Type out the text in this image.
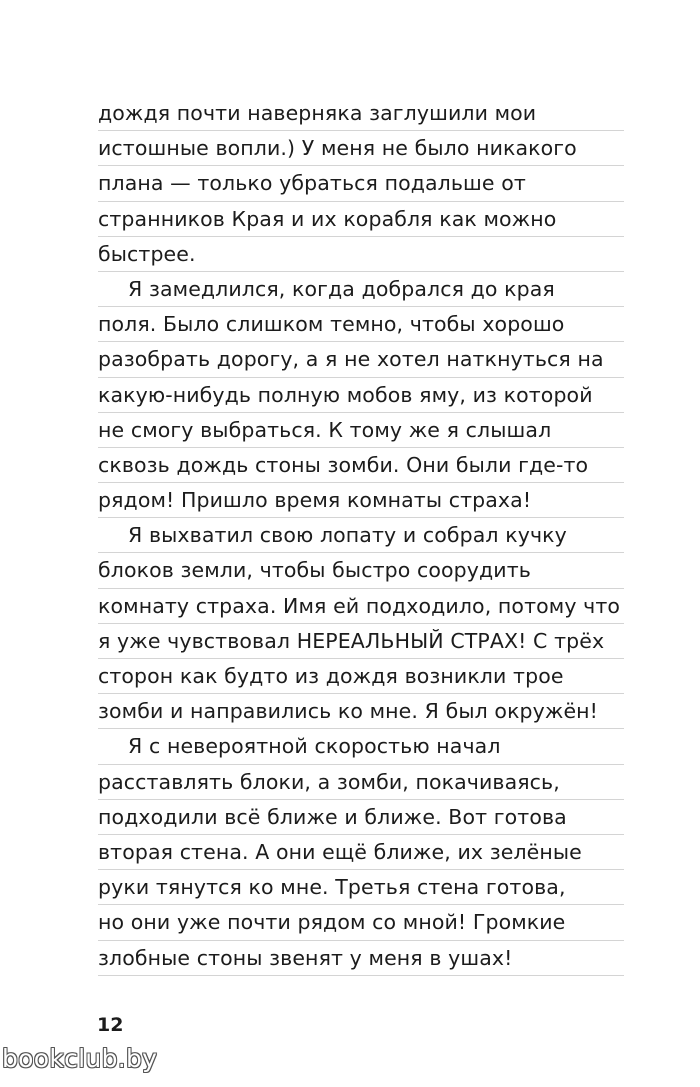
дождя почти наверняка заглушили мои
истошные вопли.) У меня не было никакого
плана — только убраться подальше от
странников Края и их корабля как можно
быстрее.
Я замедлился, когда добрался до края
поля. Было слишком темно, чтобы хорошо
разобрать дорогу, а я не хотел наткнуться на
какую-нибудь полную мобов яму, из которой
не смогу выбраться. К тому же я слышал
сквозь дождь стоны зомби. Они были где-то
рядом! Пришло время комнаты страха!
Я выхватил свою лопату и собрал кучку
блоков земли, чтобы быстро соорудить
комнату страха. Имя ей подходило, потому что
я уже чувствовал НЕРЕАЛЬНЫЙ СТРАХ! С трёх
сторон как будто из дождя возникли трое
зомби и направились ко мне. Я был окружён!
Я с невероятной скоростью начал
расставлять блоки, а зомби, покачиваясь,
подходили всё ближе и ближе. Вот готова
вторая стена. А они ещё ближе, их зелёные
руки тянутся ко мне. Третья стена готова,
но они уже почти рядом со мной! Громкие
злобные стоны звенят у меня в ушах!
12
bookclub.by
